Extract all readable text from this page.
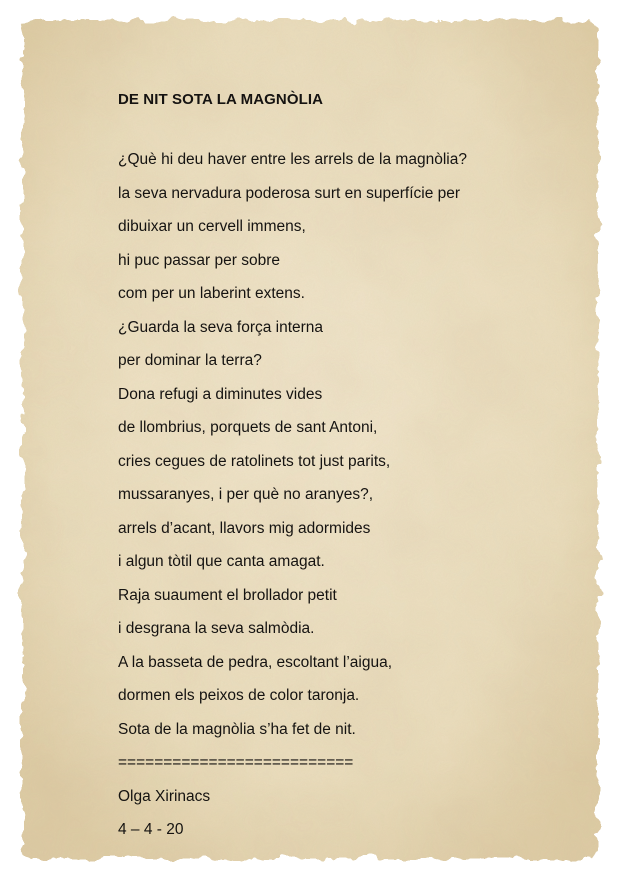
DE NIT SOTA LA MAGNÒLIA
¿Què hi deu haver entre les arrels de la magnòlia?
la seva nervadura poderosa surt en superfície per
dibuixar un cervell immens,
hi puc passar per sobre
com per un laberint extens.
¿Guarda la seva força interna
per dominar la terra?
Dona refugi a diminutes vides
de llombrius, porquets de sant Antoni,
cries cegues de ratolinets tot just parits,
mussaranyes, i per què no aranyes?,
arrels d’acant, llavors mig adormides
i algun tòtil que canta amagat.
Raja suaument el brollador petit
i desgrana la seva salmòdia.
A la basseta de pedra, escoltant l’aigua,
dormen els peixos de color taronja.
Sota de la magnòlia s’ha fet de nit.
==========================
Olga Xirinacs
4 – 4 - 20
